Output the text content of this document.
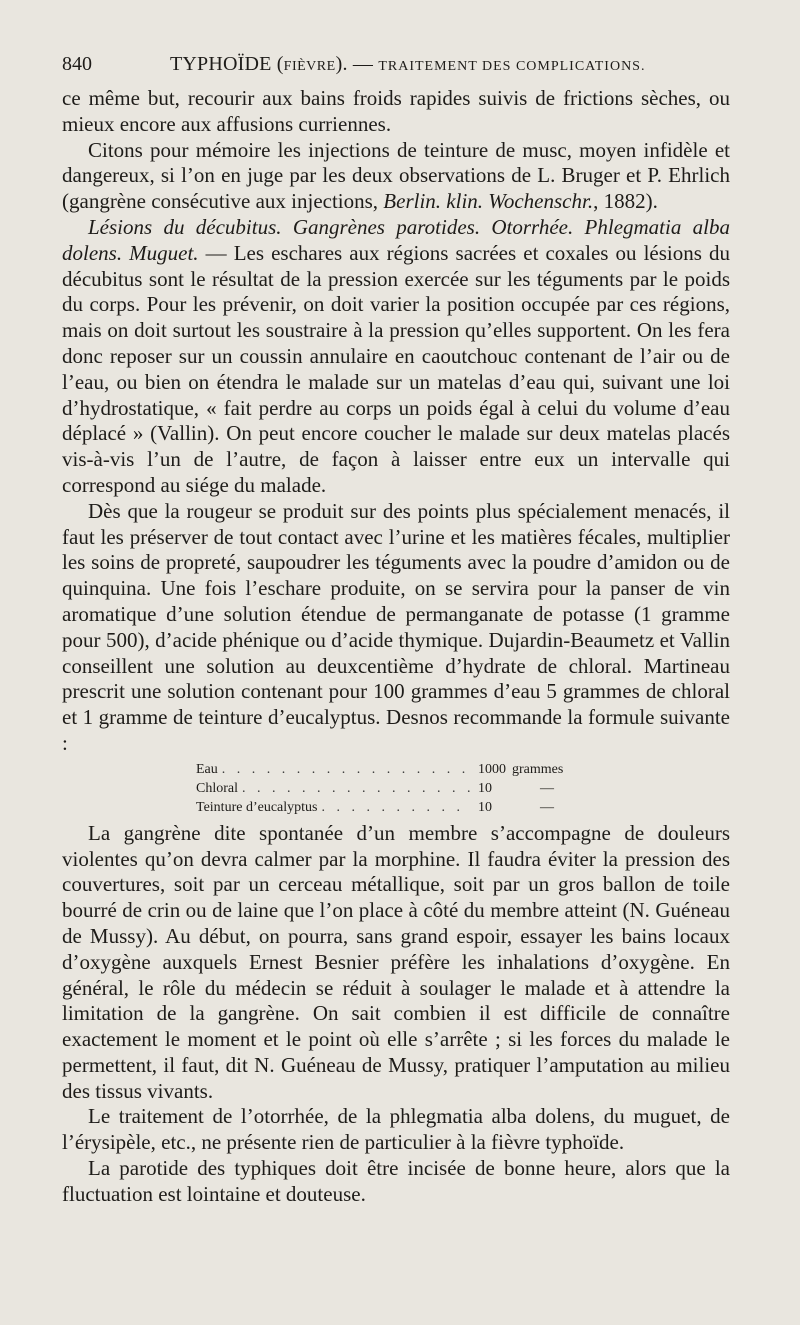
840	TYPHOÏDE (FIÈVRE). — TRAITEMENT DES COMPLICATIONS.

ce même but, recourir aux bains froids rapides suivis de frictions sèches, ou mieux encore aux affusions curriennes.

Citons pour mémoire les injections de teinture de musc, moyen infidèle et dangereux, si l’on en juge par les deux observations de L. Bruger et P. Ehrlich (gangrène consécutive aux injections, Berlin. klin. Wochenschr., 1882).

Lésions du décubitus. Gangrènes parotides. Otorrhée. Phlegmatia alba dolens. Muguet. — Les eschares aux régions sacrées et coxales ou lésions du décubitus sont le résultat de la pression exercée sur les téguments par le poids du corps. Pour les prévenir, on doit varier la position occupée par ces régions, mais on doit surtout les soustraire à la pression qu’elles supportent. On les fera donc reposer sur un coussin annulaire en caoutchouc contenant de l’air ou de l’eau, ou bien on étendra le malade sur un matelas d’eau qui, suivant une loi d’hydrostatique, « fait perdre au corps un poids égal à celui du volume d’eau déplacé » (Vallin). On peut encore coucher le malade sur deux matelas placés vis-à-vis l’un de l’autre, de façon à laisser entre eux un intervalle qui correspond au siége du malade.

Dès que la rougeur se produit sur des points plus spécialement menacés, il faut les préserver de tout contact avec l’urine et les matières fécales, multiplier les soins de propreté, saupoudrer les téguments avec la poudre d’amidon ou de quinquina. Une fois l’eschare produite, on se servira pour la panser de vin aromatique d’une solution étendue de permanganate de potasse (1 gramme pour 500), d’acide phénique ou d’acide thymique. Dujardin-Beaumetz et Vallin conseillent une solution au deuxcentième d’hydrate de chloral. Martineau prescrit une solution contenant pour 100 grammes d’eau 5 grammes de chloral et 1 gramme de teinture d’eucalyptus. Desnos recommande la formule suivante :

Eau . . .	1000 grammes
Chloral . . .	10	—
Teinture d’eucalyptus . . .	10	—

La gangrène dite spontanée d’un membre s’accompagne de douleurs violentes qu’on devra calmer par la morphine. Il faudra éviter la pression des couvertures, soit par un cerceau métallique, soit par un gros ballon de toile bourré de crin ou de laine que l’on place à côté du membre atteint (N. Guéneau de Mussy). Au début, on pourra, sans grand espoir, essayer les bains locaux d’oxygène auxquels Ernest Besnier préfère les inhalations d’oxygène. En général, le rôle du médecin se réduit à soulager le malade et à attendre la limitation de la gangrène. On sait combien il est difficile de connaître exactement le moment et le point où elle s’arrête ; si les forces du malade le permettent, il faut, dit N. Guéneau de Mussy, pratiquer l’amputation au milieu des tissus vivants.

Le traitement de l’otorrhée, de la phlegmatia alba dolens, du muguet, de l’érysipèle, etc., ne présente rien de particulier à la fièvre typhoïde.

La parotide des typhiques doit être incisée de bonne heure, alors que la fluctuation est lointaine et douteuse.
